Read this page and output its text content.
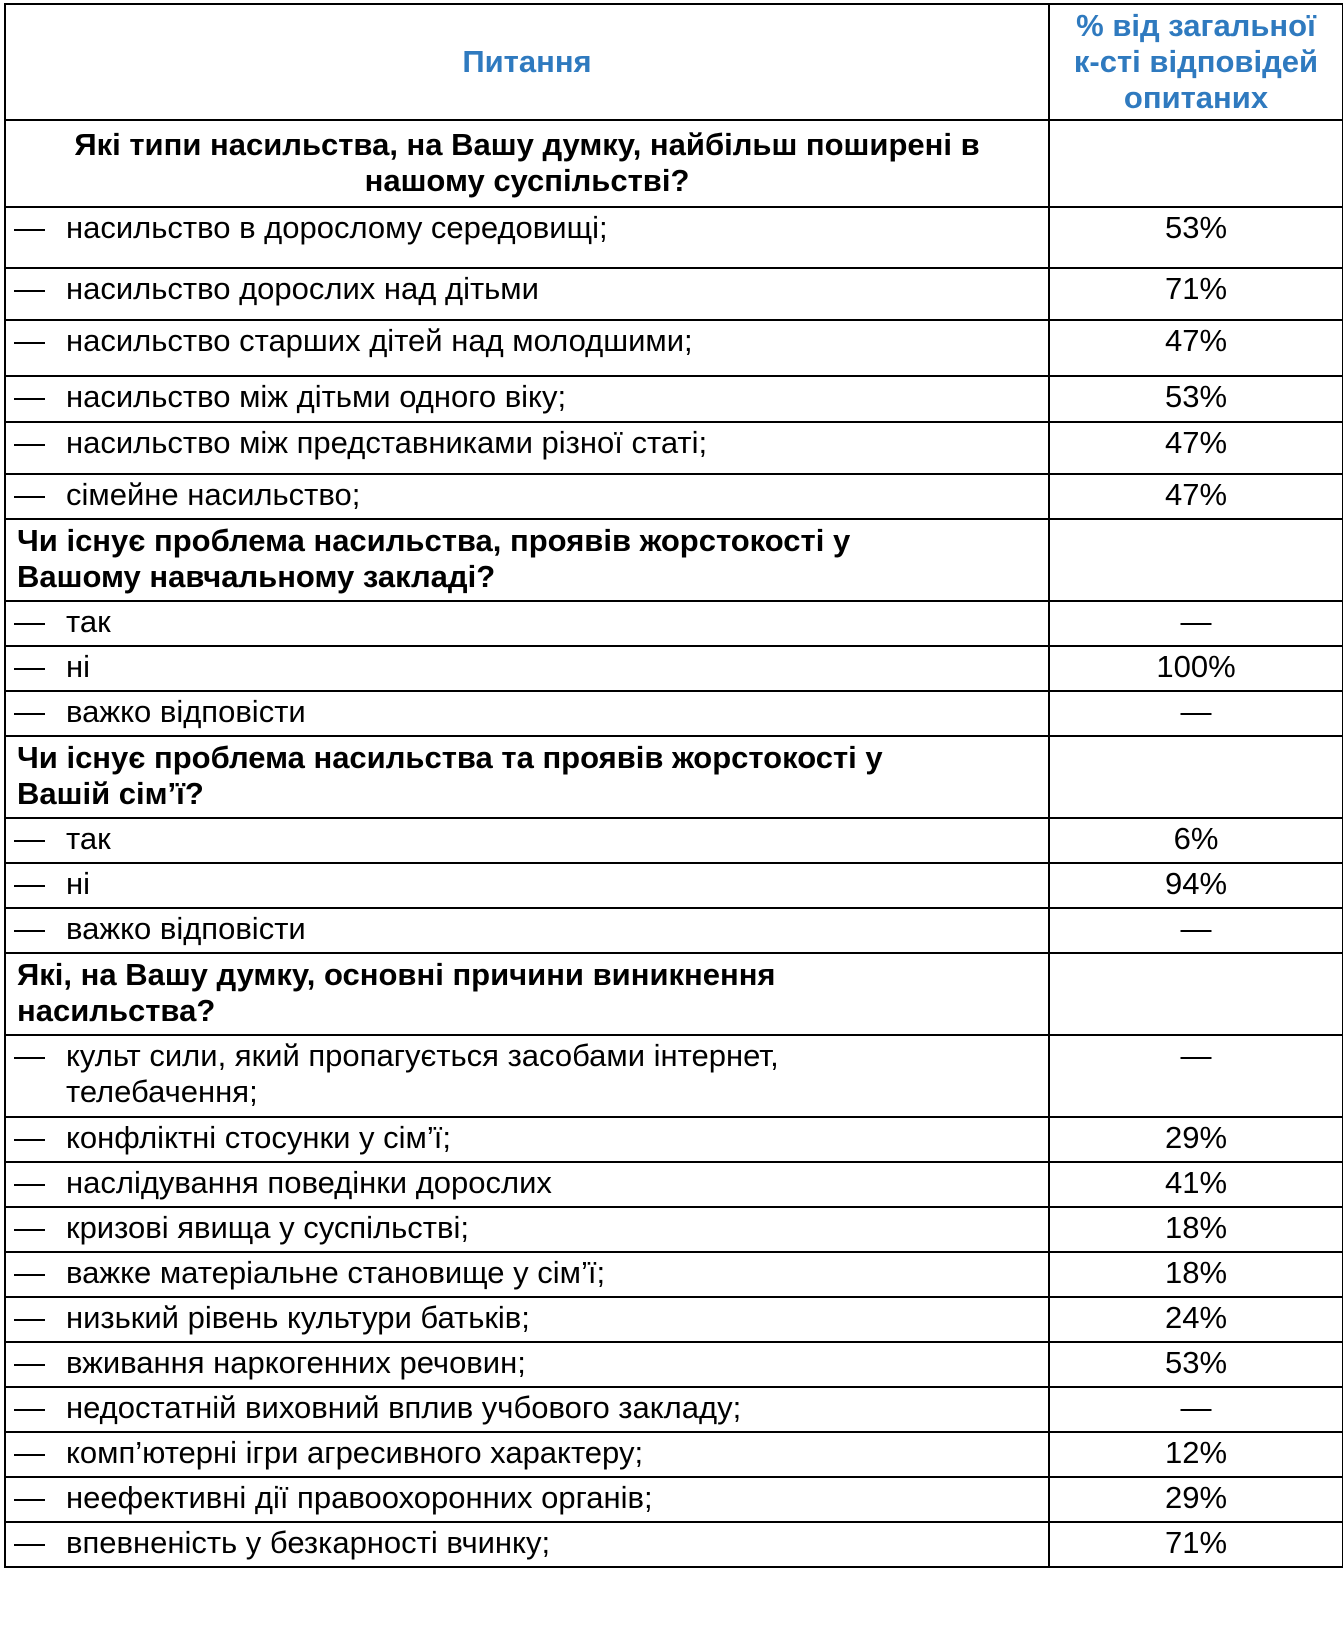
Питання	% від загальної
к-сті відповідей
опитаних

Які типи насильства, на Вашу думку, найбільш поширені в нашому суспільстві?	
— насильство в дорослому середовищі;	53%
— насильство дорослих над дітьми	71%
— насильство старших дітей над молодшими;	47%
— насильство між дітьми одного віку;	53%
— насильство між представниками різної статі;	47%
— сімейне насильство;	47%
Чи існує проблема насильства, проявів жорстокості у Вашому навчальному закладі?	
— так	—
— ні	100%
— важко відповісти	—
Чи існує проблема насильства та проявів жорстокості у Вашій сім’ї?	
— так	6%
— ні	94%
— важко відповісти	—
Які, на Вашу думку, основні причини виникнення насильства?	
— культ сили, який пропагується засобами інтернет, телебачення;	—
— конфліктні стосунки у сім’ї;	29%
— наслідування поведінки дорослих	41%
— кризові явища у суспільстві;	18%
— важке матеріальне становище у сім’ї;	18%
— низький рівень культури батьків;	24%
— вживання наркогенних речовин;	53%
— недостатній виховний вплив учбового закладу;	—
— комп’ютерні ігри агресивного характеру;	12%
— неефективні дії правоохоронних органів;	29%
— впевненість у безкарності вчинку;	71%
